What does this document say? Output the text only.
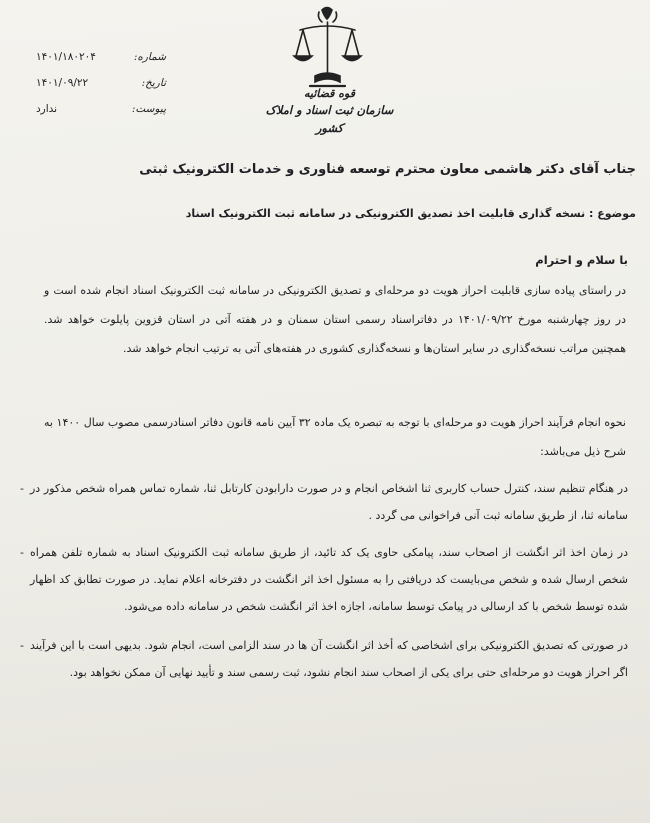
قوه قضائیه
سازمان ثبت اسناد و املاک کشور
شماره:
۱۴۰۱/۱۸۰۲۰۴
تاریخ:
۱۴۰۱/۰۹/۲۲
پیوست:
ندارد
جناب آقای دکتر هاشمی معاون محترم توسعه فناوری و خدمات الکترونیک ثبتی
موضوع : نسخه گذاری قابلیت اخذ تصدیق الکترونیکی در سامانه ثبت الکترونیک اسناد
با سلام و احترام
در راستای پیاده سازی قابلیت احراز هویت دو مرحله‌ای و تصدیق الکترونیکی در سامانه ثبت الکترونیک اسناد انجام شده است و در روز چهارشنبه مورخ ۱۴۰۱/۰۹/۲۲ در دفاتراسناد رسمی استان سمنان و در هفته آتی در استان قزوین پایلوت خواهد شد. همچنین مراتب نسخه‌گذاری در سایر استان‌ها و نسخه‌گذاری کشوری در هفته‌های آتی به ترتیب انجام خواهد شد.
نحوه انجام فرآیند احراز هویت دو مرحله‌ای با توجه به تبصره یک ماده ۳۲ آیین نامه قانون دفاتر اسنادرسمی مصوب سال ۱۴۰۰ به شرح ذیل می‌باشد:
- در هنگام تنظیم سند، کنترل حساب کاربری ثنا اشخاص انجام و در صورت دارابودن کارتابل ثنا، شماره تماس همراه شخص مذکور در سامانه ثنا، از طریق سامانه ثبت آنی فراخوانی می گردد .
- در زمان اخذ اثر انگشت از اصحاب سند، پیامکی حاوی یک کد تائید، از طریق سامانه ثبت الکترونیک اسناد به شماره تلفن همراه شخص ارسال شده و شخص می‌بایست کد دریافتی را به مسئول اخذ اثر انگشت در دفترخانه اعلام نماید. در صورت تطابق کد اظهار شده توسط شخص با کد ارسالی در پیامک توسط سامانه، اجازه اخذ اثر انگشت شخص در سامانه داده می‌شود.
- در صورتی که تصدیق الکترونیکی برای اشخاصی که أخذ اثر انگشت آن ها در سند الزامی است، انجام شود. بدیهی است با این فرآیند اگر احراز هویت دو مرحله‌ای حتی برای یکی از اصحاب سند انجام نشود، ثبت رسمی سند و تأیید نهایی آن ممکن نخواهد بود.
